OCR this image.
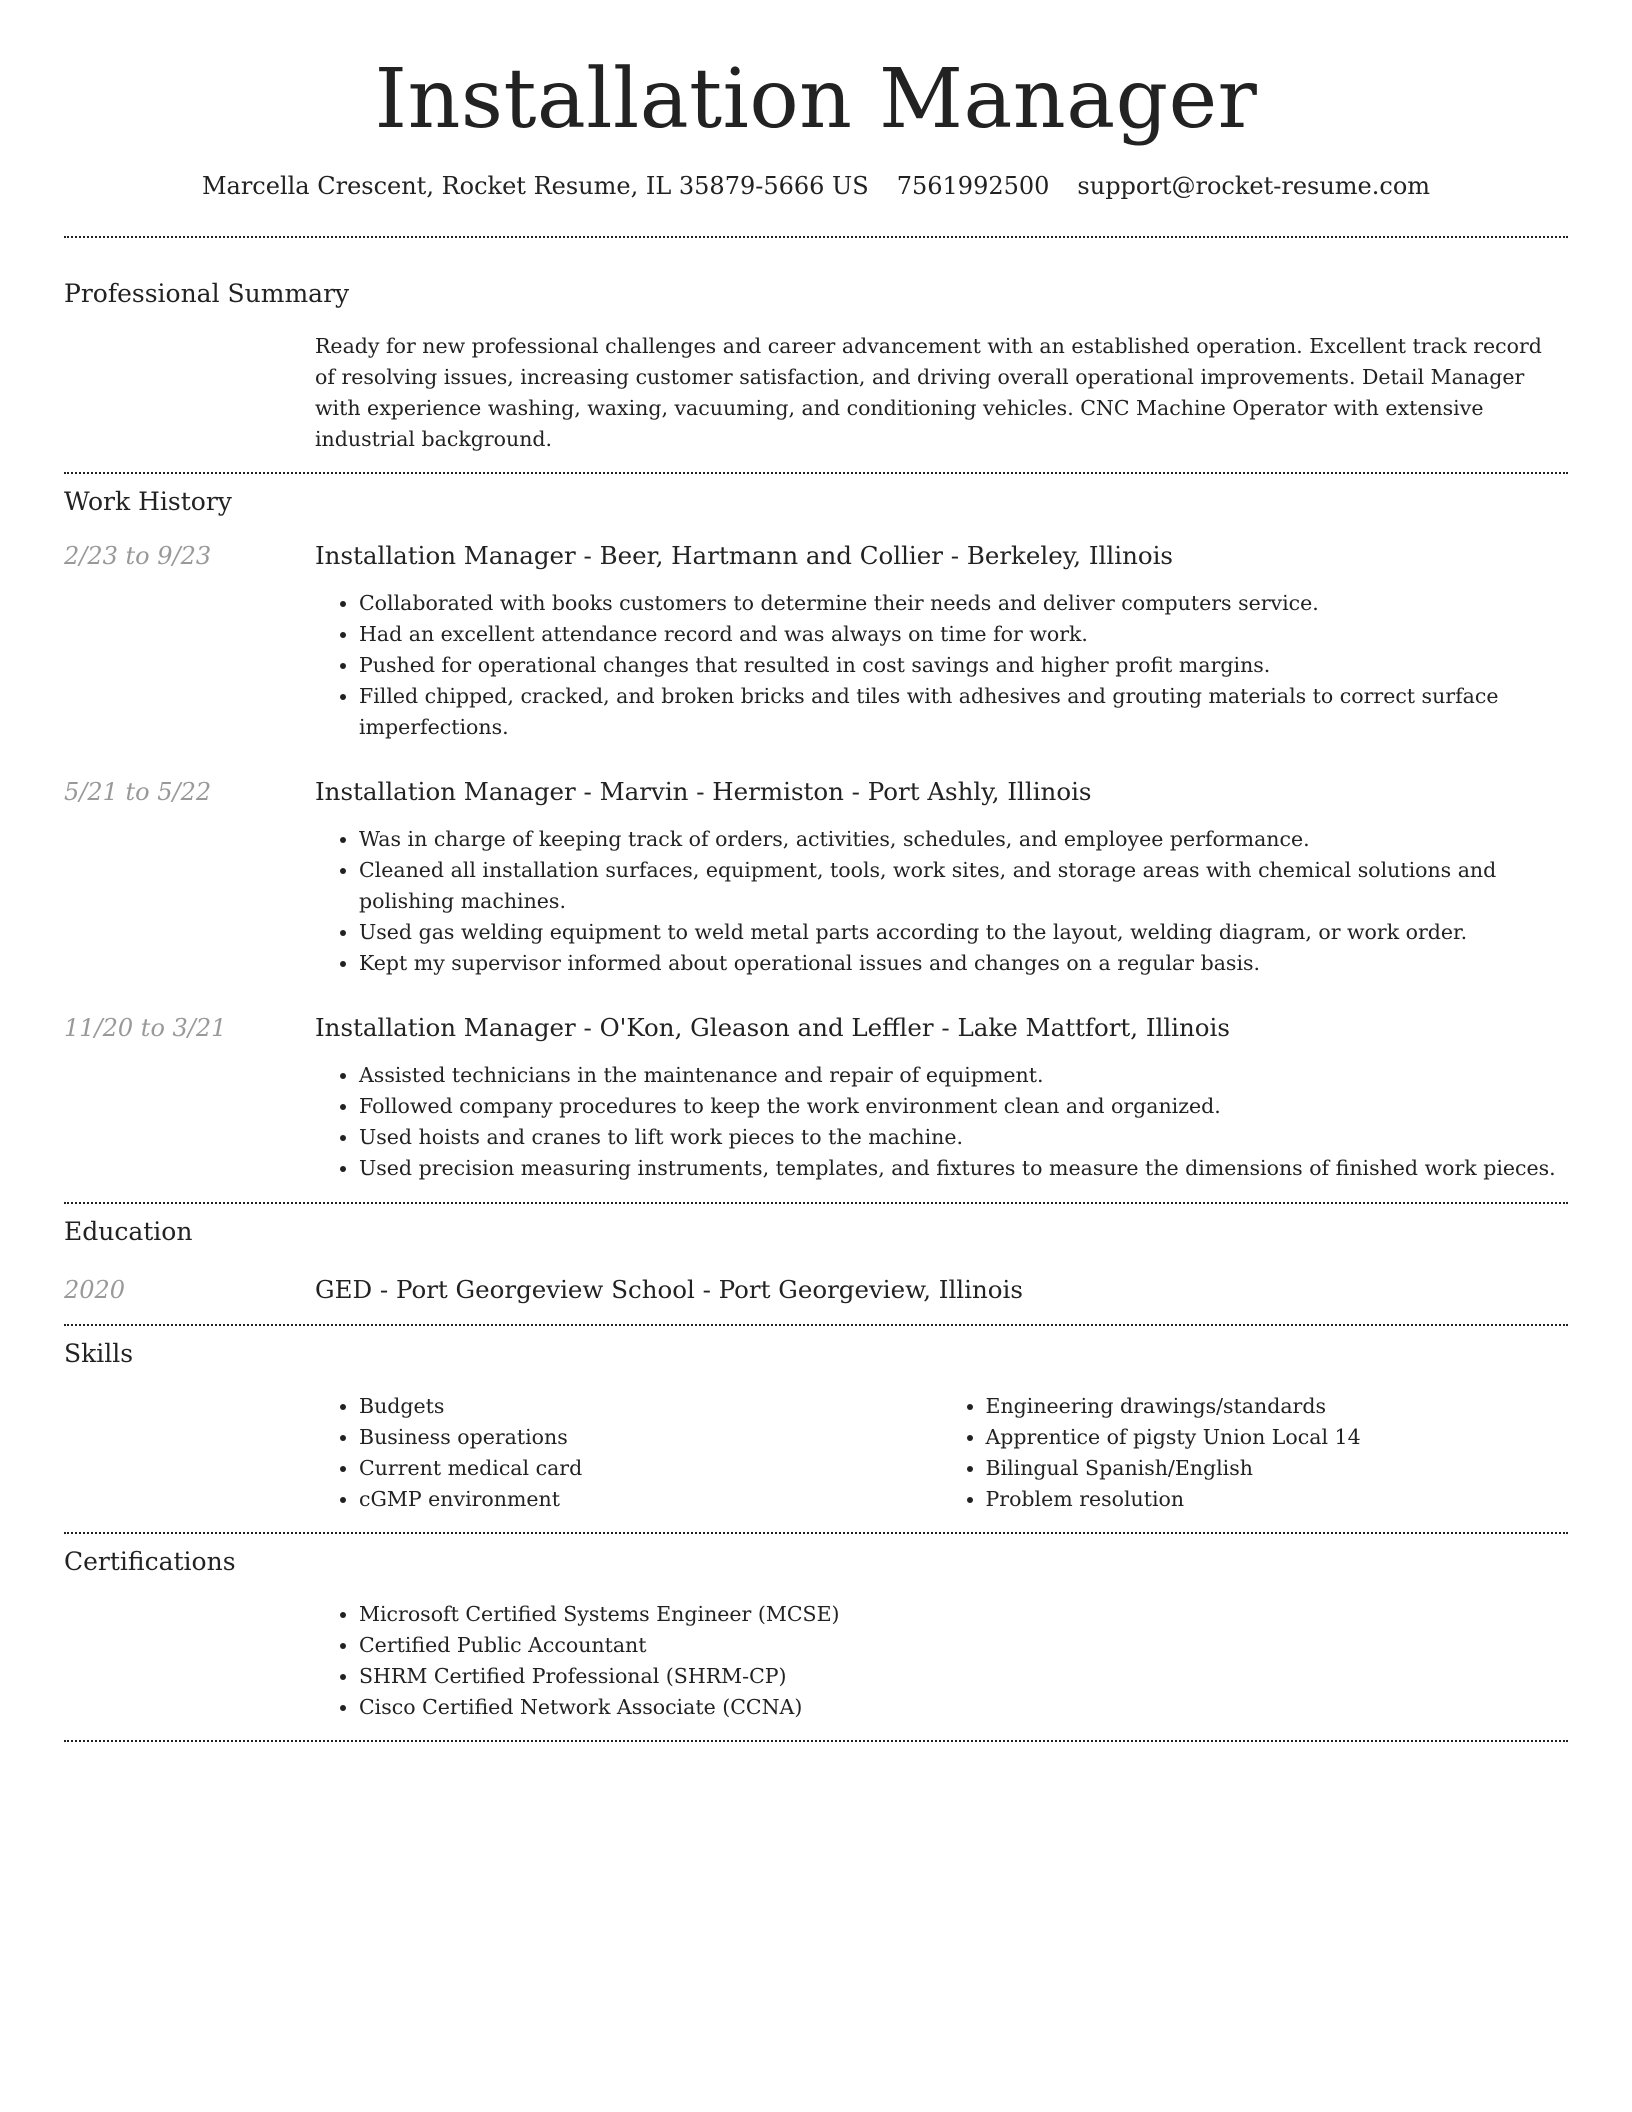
Installation Manager
Marcella Crescent, Rocket Resume, IL 35879-5666 US 7561992500 support@rocket-resume.com
Professional Summary
Ready for new professional challenges and career advancement with an established operation. Excellent track record of resolving issues, increasing customer satisfaction, and driving overall operational improvements. Detail Manager with experience washing, waxing, vacuuming, and conditioning vehicles. CNC Machine Operator with extensive industrial background.
Work History
2/23 to 9/23	Installation Manager - Beer, Hartmann and Collier - Berkeley, Illinois
• Collaborated with books customers to determine their needs and deliver computers service.
• Had an excellent attendance record and was always on time for work.
• Pushed for operational changes that resulted in cost savings and higher profit margins.
• Filled chipped, cracked, and broken bricks and tiles with adhesives and grouting materials to correct surface imperfections.
5/21 to 5/22	Installation Manager - Marvin - Hermiston - Port Ashly, Illinois
• Was in charge of keeping track of orders, activities, schedules, and employee performance.
• Cleaned all installation surfaces, equipment, tools, work sites, and storage areas with chemical solutions and polishing machines.
• Used gas welding equipment to weld metal parts according to the layout, welding diagram, or work order.
• Kept my supervisor informed about operational issues and changes on a regular basis.
11/20 to 3/21	Installation Manager - O'Kon, Gleason and Leffler - Lake Mattfort, Illinois
• Assisted technicians in the maintenance and repair of equipment.
• Followed company procedures to keep the work environment clean and organized.
• Used hoists and cranes to lift work pieces to the machine.
• Used precision measuring instruments, templates, and fixtures to measure the dimensions of finished work pieces.
Education
2020	GED - Port Georgeview School - Port Georgeview, Illinois
Skills
• Budgets
• Business operations
• Current medical card
• cGMP environment
• Engineering drawings/standards
• Apprentice of pigsty Union Local 14
• Bilingual Spanish/English
• Problem resolution
Certifications
• Microsoft Certified Systems Engineer (MCSE)
• Certified Public Accountant
• SHRM Certified Professional (SHRM-CP)
• Cisco Certified Network Associate (CCNA)
